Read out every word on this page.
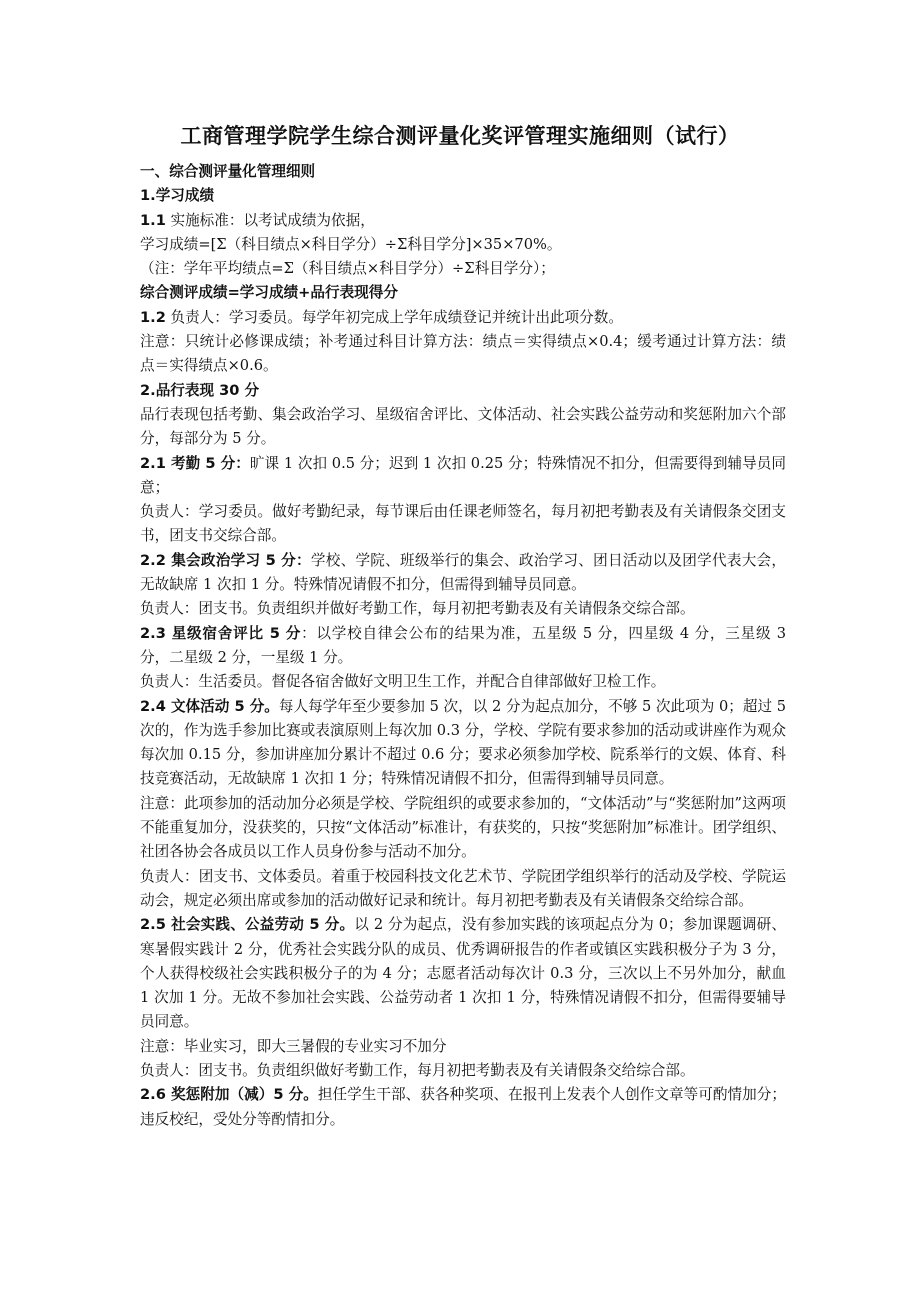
工商管理学院学生综合测评量化奖评管理实施细则（试行）

一、综合测评量化管理细则

1.学习成绩

1.1 实施标准：以考试成绩为依据，

学习成绩=[Σ（科目绩点×科目学分）÷Σ科目学分]×35×70%。

（注：学年平均绩点=Σ（科目绩点×科目学分）÷Σ科目学分）；

综合测评成绩=学习成绩+品行表现得分

1.2 负责人：学习委员。每学年初完成上学年成绩登记并统计出此项分数。

注意：只统计必修课成绩；补考通过科目计算方法：绩点＝实得绩点×0.4；缓考通过计算方法：绩点＝实得绩点×0.6。

2.品行表现 30 分

品行表现包括考勤、集会政治学习、星级宿舍评比、文体活动、社会实践公益劳动和奖惩附加六个部分，每部分为 5 分。

2.1 考勤 5 分：旷课 1 次扣 0.5 分；迟到 1 次扣 0.25 分；特殊情况不扣分，但需要得到辅导员同意；

负责人：学习委员。做好考勤纪录，每节课后由任课老师签名，每月初把考勤表及有关请假条交团支书，团支书交综合部。

2.2 集会政治学习 5 分：学校、学院、班级举行的集会、政治学习、团日活动以及团学代表大会，无故缺席 1 次扣 1 分。特殊情况请假不扣分，但需得到辅导员同意。

负责人：团支书。负责组织并做好考勤工作，每月初把考勤表及有关请假条交综合部。

2.3 星级宿舍评比 5 分：以学校自律会公布的结果为准，五星级 5 分，四星级 4 分，三星级 3 分，二星级 2 分，一星级 1 分。

负责人：生活委员。督促各宿舍做好文明卫生工作，并配合自律部做好卫检工作。

2.4 文体活动 5 分。每人每学年至少要参加 5 次，以 2 分为起点加分，不够 5 次此项为 0；超过 5 次的，作为选手参加比赛或表演原则上每次加 0.3 分，学校、学院有要求参加的活动或讲座作为观众每次加 0.15 分，参加讲座加分累计不超过 0.6 分；要求必须参加学校、院系举行的文娱、体育、科技竞赛活动，无故缺席 1 次扣 1 分；特殊情况请假不扣分，但需得到辅导员同意。

注意：此项参加的活动加分必须是学校、学院组织的或要求参加的，“文体活动”与“奖惩附加”这两项不能重复加分，没获奖的，只按“文体活动”标准计，有获奖的，只按“奖惩附加”标准计。团学组织、社团各协会各成员以工作人员身份参与活动不加分。

负责人：团支书、文体委员。着重于校园科技文化艺术节、学院团学组织举行的活动及学校、学院运动会，规定必须出席或参加的活动做好记录和统计。每月初把考勤表及有关请假条交给综合部。

2.5 社会实践、公益劳动 5 分。以 2 分为起点，没有参加实践的该项起点分为 0；参加课题调研、寒暑假实践计 2 分，优秀社会实践分队的成员、优秀调研报告的作者或镇区实践积极分子为 3 分，个人获得校级社会实践积极分子的为 4 分；志愿者活动每次计 0.3 分，三次以上不另外加分，献血 1 次加 1 分。无故不参加社会实践、公益劳动者 1 次扣 1 分，特殊情况请假不扣分，但需得要辅导员同意。

注意：毕业实习，即大三暑假的专业实习不加分

负责人：团支书。负责组织做好考勤工作，每月初把考勤表及有关请假条交给综合部。

2.6 奖惩附加（减）5 分。担任学生干部、获各种奖项、在报刊上发表个人创作文章等可酌情加分；违反校纪，受处分等酌情扣分。
